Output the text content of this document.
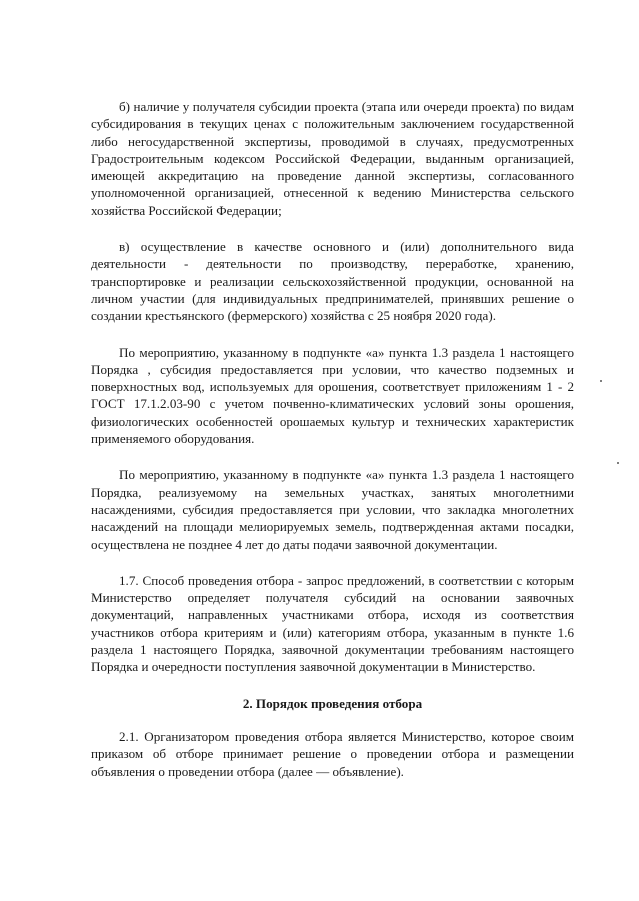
б) наличие у получателя субсидии проекта (этапа или очереди проекта) по видам субсидирования в текущих ценах с положительным заключением государственной либо негосударственной экспертизы, проводимой в случаях, предусмотренных Градостроительным кодексом Российской Федерации, выданным организацией, имеющей аккредитацию на проведение данной экспертизы, согласованного уполномоченной организацией, отнесенной к ведению Министерства сельского хозяйства Российской Федерации;

в) осуществление в качестве основного и (или) дополнительного вида деятельности - деятельности по производству, переработке, хранению, транспортировке и реализации сельскохозяйственной продукции, основанной на личном участии (для индивидуальных предпринимателей, принявших решение о создании крестьянского (фермерского) хозяйства с 25 ноября 2020 года).

По мероприятию, указанному в подпункте «а» пункта 1.3 раздела 1 настоящего Порядка , субсидия предоставляется при условии, что качество подземных и поверхностных вод, используемых для орошения, соответствует приложениям 1 - 2 ГОСТ 17.1.2.03-90 с учетом почвенно-климатических условий зоны орошения, физиологических особенностей орошаемых культур и технических характеристик применяемого оборудования.

По мероприятию, указанному в подпункте «а» пункта 1.3 раздела 1 настоящего Порядка, реализуемому на земельных участках, занятых многолетними насаждениями, субсидия предоставляется при условии, что закладка многолетних насаждений на площади мелиорируемых земель, подтвержденная актами посадки, осуществлена не позднее 4 лет до даты подачи заявочной документации.

1.7. Способ проведения отбора - запрос предложений, в соответствии с которым Министерство определяет получателя субсидий на основании заявочных документаций, направленных участниками отбора, исходя из соответствия участников отбора критериям и (или) категориям отбора, указанным в пункте 1.6 раздела 1 настоящего Порядка, заявочной документации требованиям настоящего Порядка и очередности поступления заявочной документации в Министерство.

2. Порядок проведения отбора

2.1. Организатором проведения отбора является Министерство, которое своим приказом об отборе принимает решение о проведении отбора и размещении объявления о проведении отбора (далее — объявление).
